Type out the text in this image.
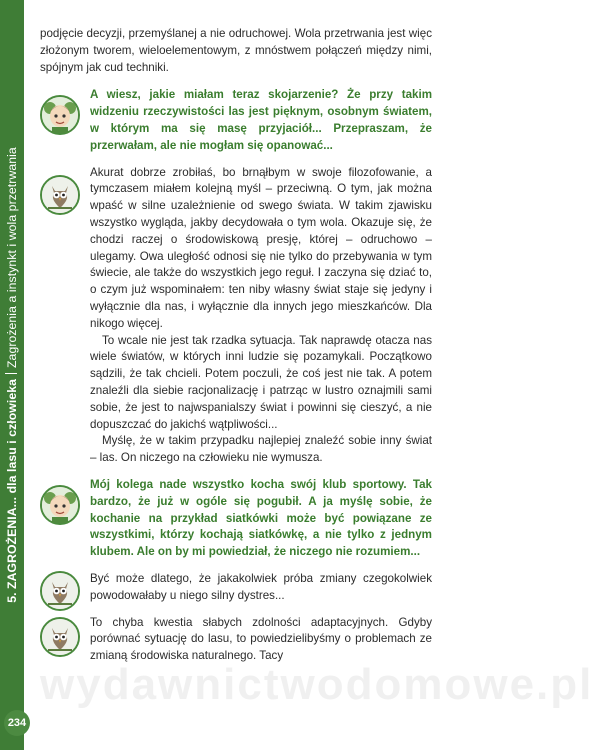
5. ZAGROŻENIA... dla lasu i człowiekaZagrożenia a instynkt i wola przetrwania
wydawnictwodomowe.pl

podjęcie decyzji, przemyślanej a nie odruchowej. Wola przetrwania jest więc złożonym tworem, wieloelementowym, z mnóstwem połączeń między nimi, spójnym jak cud techniki.

A wiesz, jakie miałam teraz skojarzenie? Że przy takim widzeniu rzeczywistości las jest pięknym, osobnym światem, w którym ma się masę przyjaciół... Przepraszam, że przerwałam, ale nie mogłam się opanować...

Akurat dobrze zrobiłaś, bo brnąłbym w swoje filozofowanie, a tymczasem miałem kolejną myśl – przeciwną. O tym, jak można wpaść w silne uzależnienie od swego świata. W takim zjawisku wszystko wygląda, jakby decydowała o tym wola. Okazuje się, że chodzi raczej o środowiskową presję, której – odruchowo – ulegamy. Owa uległość odnosi się nie tylko do przebywania w tym świecie, ale także do wszystkich jego reguł. I zaczyna się dziać to, o czym już wspominałem: ten niby własny świat staje się jedyny i wyłącznie dla nas, i wyłącznie dla innych jego mieszkańców. Dla nikogo więcej.

To wcale nie jest tak rzadka sytuacja. Tak naprawdę otacza nas wiele światów, w których inni ludzie się pozamykali. Początkowo sądzili, że tak chcieli. Potem poczuli, że coś jest nie tak. A potem znaleźli dla siebie racjonalizację i patrząc w lustro oznajmili sami sobie, że jest to najwspanialszy świat i powinni się cieszyć, a nie dopuszczać do jakichś wątpliwości...

Myślę, że w takim przypadku najlepiej znaleźć sobie inny świat – las. On niczego na człowieku nie wymusza.

Mój kolega nade wszystko kocha swój klub sportowy. Tak bardzo, że już w ogóle się pogubił. A ja myślę sobie, że kochanie na przykład siatkówki może być powiązane ze wszystkimi, którzy kochają siatkówkę, a nie tylko z jednym klubem. Ale on by mi powiedział, że niczego nie rozumiem...

Być może dlatego, że jakakolwiek próba zmiany czegokolwiek powodowałaby u niego silny dystres...

To chyba kwestia słabych zdolności adaptacyjnych. Gdyby porównać sytuację do lasu, to powiedzielibyśmy o problemach ze zmianą środowiska naturalnego. Tacy

234
